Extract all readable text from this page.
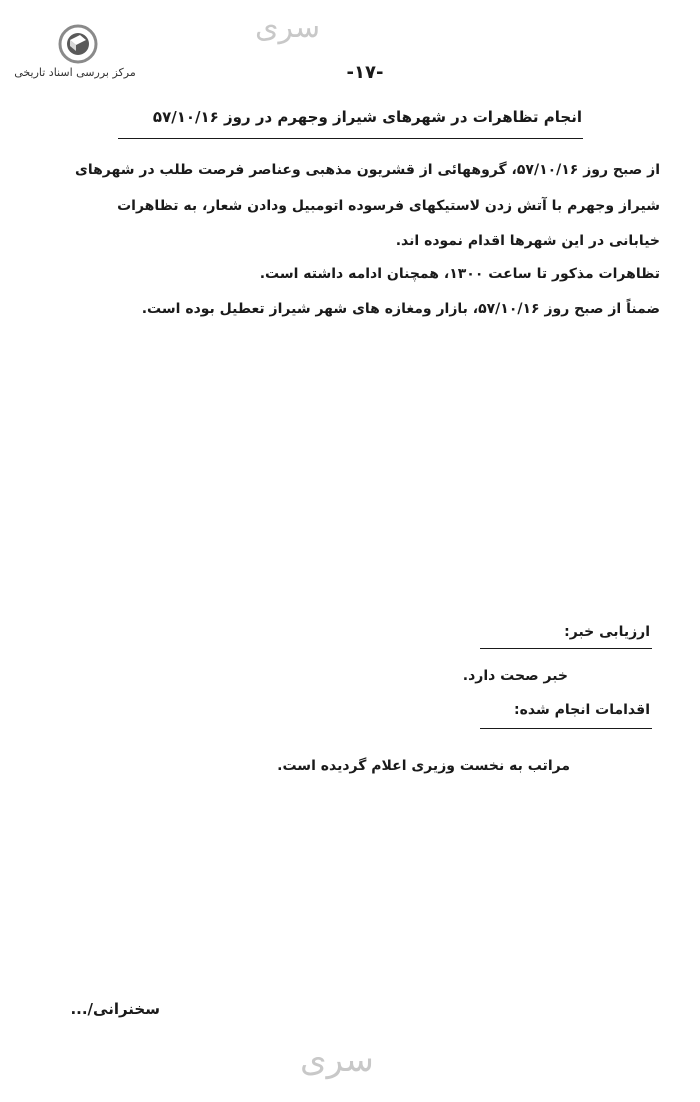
مرکز بررسی اسناد تاریخی
سری
-۱۷-
انجام تظاهرات در شهرهای شیراز وجهرم در روز ۵۷/۱۰/۱۶
از صبح روز ۵۷/۱۰/۱۶، گروههائی از قشریون مذهبی وعناصر فرصت طلب در شهرهای
شیراز وجهرم با آتش زدن لاستیکهای فرسوده اتومبیل ودادن شعار، به تظاهرات
خیابانی در این شهرها اقدام نموده اند.
تظاهرات مذکور تا ساعت ۱۳۰۰، همچنان ادامه داشته است.
ضمناً از صبح روز ۵۷/۱۰/۱۶، بازار ومغازه های شهر شیراز تعطیل بوده است.
ارزیابی خبر:
خبر صحت دارد.
اقدامات انجام شده:
مراتب به نخست وزیری اعلام گردیده است.
سخنرانی/...
سری
